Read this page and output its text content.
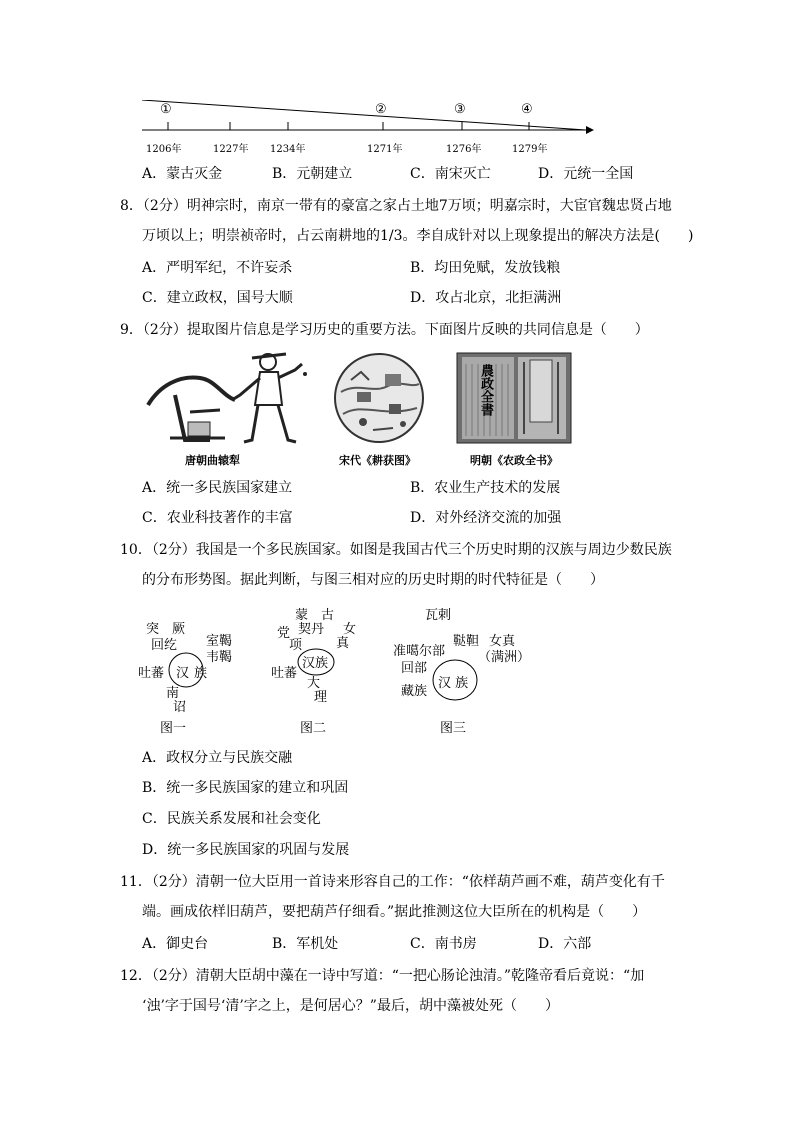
①	②	③	④
1206年	1227年 1234年	1271年	1276年	1279年
A．蒙古灭金	B．元朝建立	C．南宋灭亡	D．元统一全国
8．（2分）明神宗时，南京一带有的豪富之家占土地7万顷；明嘉宗时，大宦官魏忠贤占地
万顷以上；明崇祯帝时，占云南耕地的1/3。李自成针对以上现象提出的解决方法是(　　)
A．严明军纪，不许妄杀	B．均田免赋，发放钱粮
C．建立政权，国号大顺	D．攻占北京，北拒满洲
9．（2分）提取图片信息是学习历史的重要方法。下面图片反映的共同信息是（　　）
農政全書
唐朝曲辕犁	宋代《耕获图》	明朝《农政全书》
A．统一多民族国家建立	B．农业生产技术的发展
C．农业科技著作的丰富	D．对外经济交流的加强
10．（2分）我国是一个多民族国家。如图是我国古代三个历史时期的汉族与周边少数民族
的分布形势图。据此判断，与图三相对应的历史时期的时代特征是（　　）
突　厥
回纥 室鞨
韦鞨
吐蕃 汉 族
南
诏
图一
蒙　古
党 契丹 女
项	真
吐蕃
汉族
大
理
图二
瓦剌
准噶尔部
鞑靼 女真
（满洲）
回部
藏族
汉 族
图三
A．政权分立与民族交融
B．统一多民族国家的建立和巩固
C．民族关系发展和社会变化
D．统一多民族国家的巩固与发展
11．（2分）清朝一位大臣用一首诗来形容自己的工作：“依样葫芦画不难，葫芦变化有千
端。画成依样旧葫芦，要把葫芦仔细看。”据此推测这位大臣所在的机构是（　　）
A．御史台	B．军机处	C．南书房	D．六部
12．（2分）清朝大臣胡中藻在一诗中写道：“一把心肠论浊清。”乾隆帝看后竟说：“加
‘浊’字于国号‘清’字之上，是何居心？”最后，胡中藻被处死（　　）
